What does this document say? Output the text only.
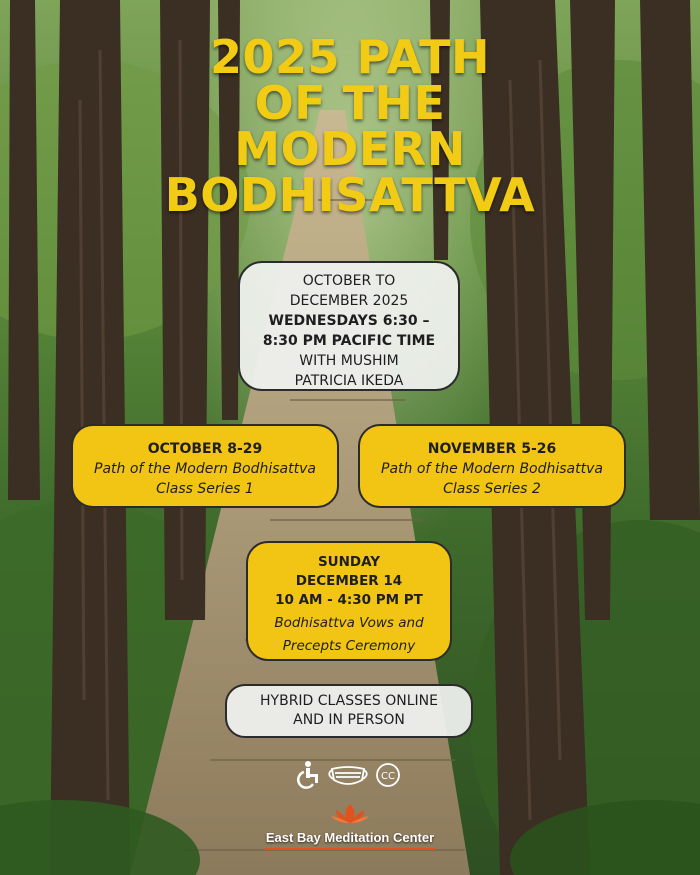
2025 PATH
OF THE
MODERN
BODHISATTVA
OCTOBER TO
DECEMBER 2025
WEDNESDAYS 6:30 –
8:30 PM PACIFIC TIME
WITH MUSHIM
PATRICIA IKEDA
OCTOBER 8-29
Path of the Modern Bodhisattva
Class Series 1
NOVEMBER 5-26
Path of the Modern Bodhisattva
Class Series 2
SUNDAY
DECEMBER 14
10 AM - 4:30 PM PT
Bodhisattva Vows and
Precepts Ceremony
HYBRID CLASSES ONLINE
AND IN PERSON
CC
East Bay Meditation Center
